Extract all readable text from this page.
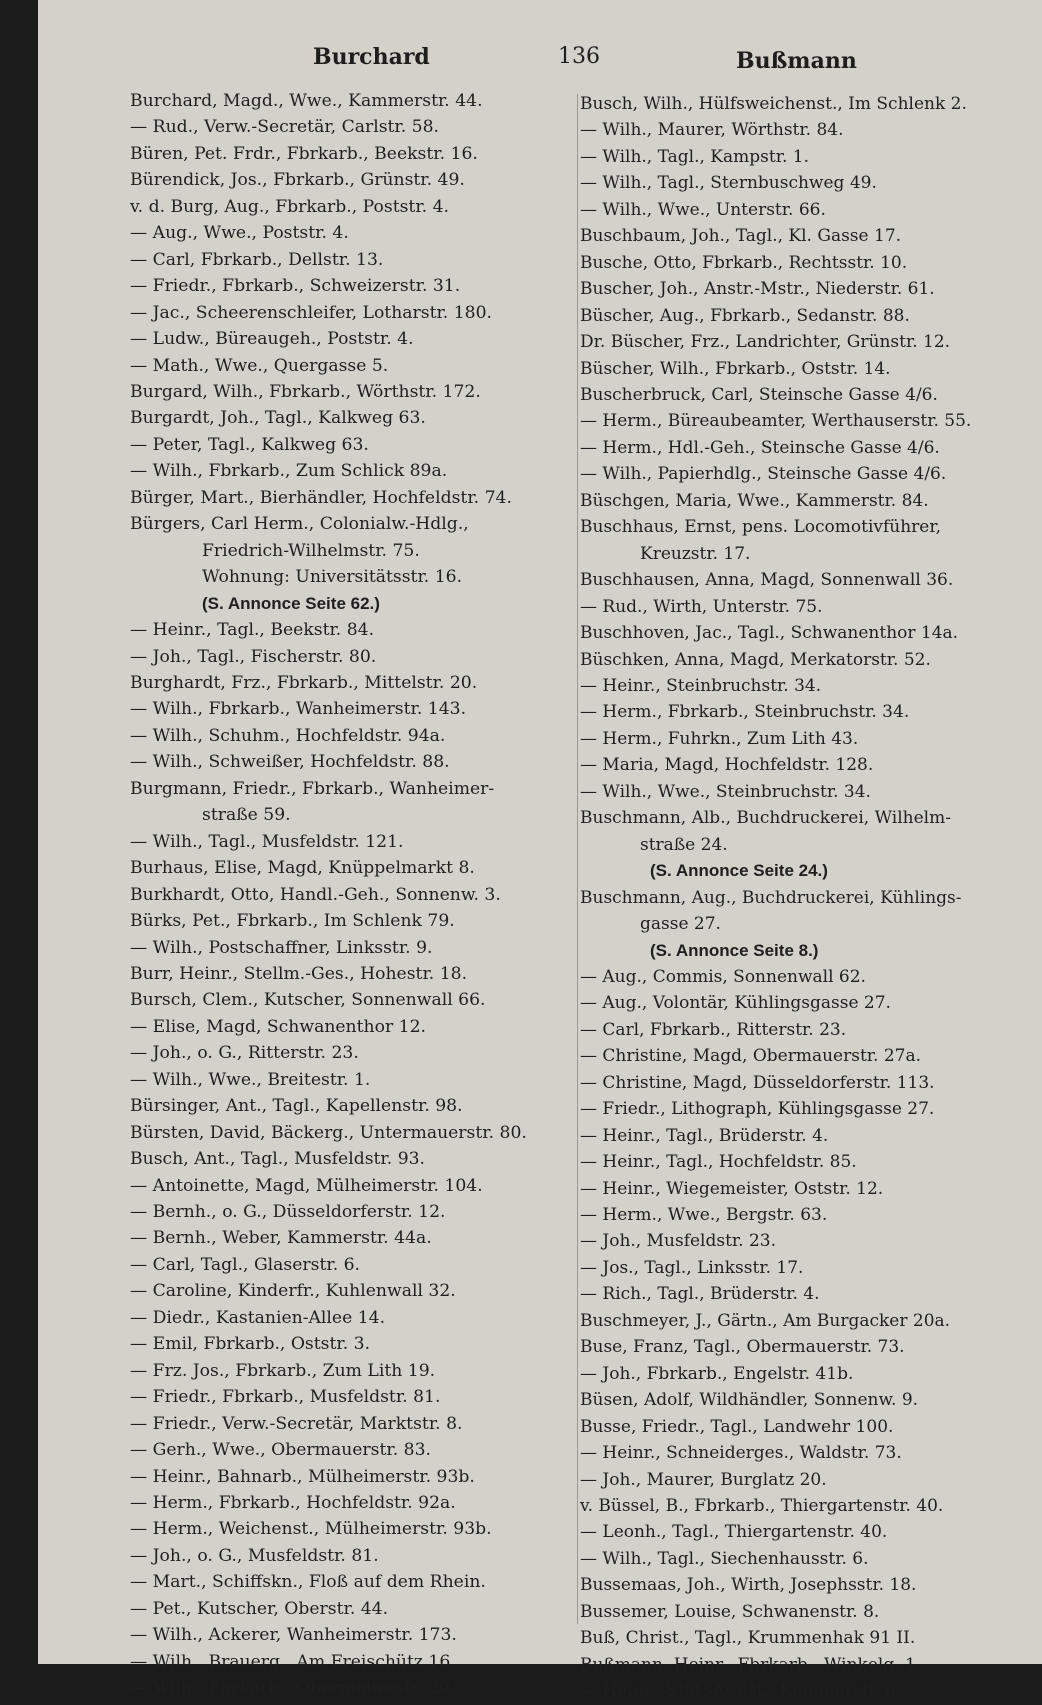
Burchard	136	Bußmann
Burchard, Magd., Wwe., Kammerstr. 44.
— Rud., Verw.-Secretär, Carlstr. 58.
Büren, Pet. Frdr., Fbrkarb., Beekstr. 16.
Bürendick, Jos., Fbrkarb., Grünstr. 49.
v. d. Burg, Aug., Fbrkarb., Poststr. 4.
— Aug., Wwe., Poststr. 4.
— Carl, Fbrkarb., Dellstr. 13.
— Friedr., Fbrkarb., Schweizerstr. 31.
— Jac., Scheerenschleifer, Lotharstr. 180.
— Ludw., Büreaugeh., Poststr. 4.
— Math., Wwe., Quergasse 5.
Burgard, Wilh., Fbrkarb., Wörthstr. 172.
Burgardt, Joh., Tagl., Kalkweg 63.
— Peter, Tagl., Kalkweg 63.
— Wilh., Fbrkarb., Zum Schlick 89a.
Bürger, Mart., Bierhändler, Hochfeldstr. 74.
Bürgers, Carl Herm., Colonialw.-Hdlg.,
Friedrich-Wilhelmstr. 75.
Wohnung: Universitätsstr. 16.
(S. Annonce Seite 62.)
— Heinr., Tagl., Beekstr. 84.
— Joh., Tagl., Fischerstr. 80.
Burghardt, Frz., Fbrkarb., Mittelstr. 20.
— Wilh., Fbrkarb., Wanheimerstr. 143.
— Wilh., Schuhm., Hochfeldstr. 94a.
— Wilh., Schweißer, Hochfeldstr. 88.
Burgmann, Friedr., Fbrkarb., Wanheimer-
straße 59.
— Wilh., Tagl., Musfeldstr. 121.
Burhaus, Elise, Magd, Knüppelmarkt 8.
Burkhardt, Otto, Handl.-Geh., Sonnenw. 3.
Bürks, Pet., Fbrkarb., Im Schlenk 79.
— Wilh., Postschaffner, Linksstr. 9.
Burr, Heinr., Stellm.-Ges., Hohestr. 18.
Bursch, Clem., Kutscher, Sonnenwall 66.
— Elise, Magd, Schwanenthor 12.
— Joh., o. G., Ritterstr. 23.
— Wilh., Wwe., Breitestr. 1.
Bürsinger, Ant., Tagl., Kapellenstr. 98.
Bürsten, David, Bäckerg., Untermauerstr. 80.
Busch, Ant., Tagl., Musfeldstr. 93.
— Antoinette, Magd, Mülheimerstr. 104.
— Bernh., o. G., Düsseldorferstr. 12.
— Bernh., Weber, Kammerstr. 44a.
— Carl, Tagl., Glaserstr. 6.
— Caroline, Kinderfr., Kuhlenwall 32.
— Diedr., Kastanien-Allee 14.
— Emil, Fbrkarb., Oststr. 3.
— Frz. Jos., Fbrkarb., Zum Lith 19.
— Friedr., Fbrkarb., Musfeldstr. 81.
— Friedr., Verw.-Secretär, Marktstr. 8.
— Gerh., Wwe., Obermauerstr. 83.
— Heinr., Bahnarb., Mülheimerstr. 93b.
— Herm., Fbrkarb., Hochfeldstr. 92a.
— Herm., Weichenst., Mülheimerstr. 93b.
— Joh., o. G., Musfeldstr. 81.
— Mart., Schiffskn., Floß auf dem Rhein.
— Pet., Kutscher, Oberstr. 44.
— Wilh., Ackerer, Wanheimerstr. 173.
— Wilh., Brauerg., Am Freischütz 16.
— Wilh., Fbrkarb., Obermauerstr. 20.
Busch, Wilh., Hülfsweichenst., Im Schlenk 2.
— Wilh., Maurer, Wörthstr. 84.
— Wilh., Tagl., Kampstr. 1.
— Wilh., Tagl., Sternbuschweg 49.
— Wilh., Wwe., Unterstr. 66.
Buschbaum, Joh., Tagl., Kl. Gasse 17.
Busche, Otto, Fbrkarb., Rechtsstr. 10.
Buscher, Joh., Anstr.-Mstr., Niederstr. 61.
Büscher, Aug., Fbrkarb., Sedanstr. 88.
Dr. Büscher, Frz., Landrichter, Grünstr. 12.
Büscher, Wilh., Fbrkarb., Oststr. 14.
Buscherbruck, Carl, Steinsche Gasse 4/6.
— Herm., Büreaubeamter, Werthauserstr. 55.
— Herm., Hdl.-Geh., Steinsche Gasse 4/6.
— Wilh., Papierhdlg., Steinsche Gasse 4/6.
Büschgen, Maria, Wwe., Kammerstr. 84.
Buschhaus, Ernst, pens. Locomotivführer,
Kreuzstr. 17.
Buschhausen, Anna, Magd, Sonnenwall 36.
— Rud., Wirth, Unterstr. 75.
Buschhoven, Jac., Tagl., Schwanenthor 14a.
Büschken, Anna, Magd, Merkatorstr. 52.
— Heinr., Steinbruchstr. 34.
— Herm., Fbrkarb., Steinbruchstr. 34.
— Herm., Fuhrkn., Zum Lith 43.
— Maria, Magd, Hochfeldstr. 128.
— Wilh., Wwe., Steinbruchstr. 34.
Buschmann, Alb., Buchdruckerei, Wilhelm-
straße 24.
(S. Annonce Seite 24.)
Buschmann, Aug., Buchdruckerei, Kühlings-
gasse 27.
(S. Annonce Seite 8.)
— Aug., Commis, Sonnenwall 62.
— Aug., Volontär, Kühlingsgasse 27.
— Carl, Fbrkarb., Ritterstr. 23.
— Christine, Magd, Obermauerstr. 27a.
— Christine, Magd, Düsseldorferstr. 113.
— Friedr., Lithograph, Kühlingsgasse 27.
— Heinr., Tagl., Brüderstr. 4.
— Heinr., Tagl., Hochfeldstr. 85.
— Heinr., Wiegemeister, Oststr. 12.
— Herm., Wwe., Bergstr. 63.
— Joh., Musfeldstr. 23.
— Jos., Tagl., Linksstr. 17.
— Rich., Tagl., Brüderstr. 4.
Buschmeyer, J., Gärtn., Am Burgacker 20a.
Buse, Franz, Tagl., Obermauerstr. 73.
— Joh., Fbrkarb., Engelstr. 41b.
Büsen, Adolf, Wildhändler, Sonnenw. 9.
Busse, Friedr., Tagl., Landwehr 100.
— Heinr., Schneiderges., Waldstr. 73.
— Joh., Maurer, Burglatz 20.
v. Büssel, B., Fbrkarb., Thiergartenstr. 40.
— Leonh., Tagl., Thiergartenstr. 40.
— Wilh., Tagl., Siechenhausstr. 6.
Bussemaas, Joh., Wirth, Josephsstr. 18.
Bussemer, Louise, Schwanenstr. 8.
Buß, Christ., Tagl., Krummenhak 91 II.
Bußmann, Heinr., Fbrkarb., Winkelg. 1.
— Heinr., Stat.-Assist., Kammerstr. 6.
